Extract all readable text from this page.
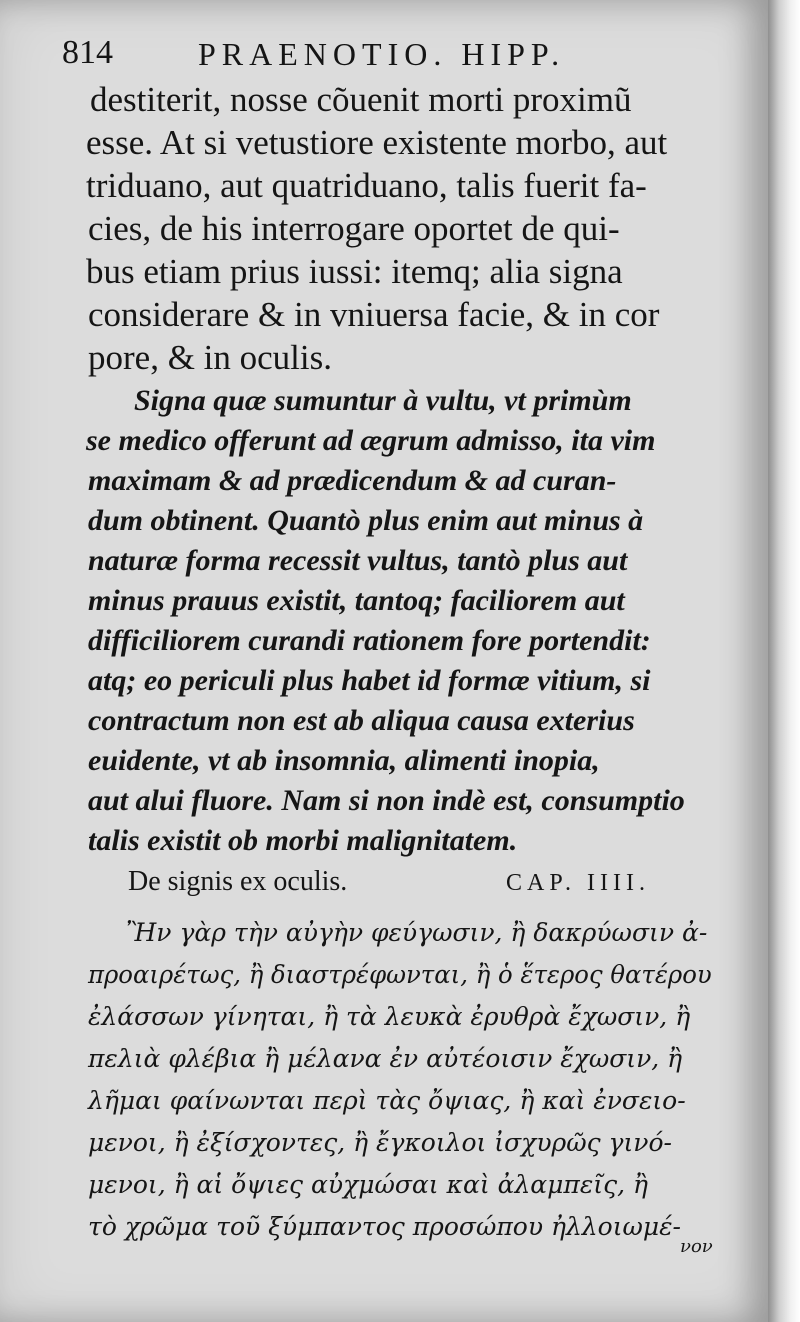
814	PRAENOTIO. HIPP.
destiterit, nosse cõuenit morti proximũ
esse. At si vetustiore existente morbo, aut
triduano, aut quatriduano, talis fuerit fa-
cies, de his interrogare oportet de qui-
bus etiam prius iussi: itemq; alia signa
considerare & in vniuersa facie, & in cor
pore, & in oculis.
Signa quæ sumuntur à vultu, vt primùm
se medico offerunt ad ægrum admisso, ita vim
maximam & ad prædicendum & ad curan-
dum obtinent. Quantò plus enim aut minus à
naturæ forma recessit vultus, tantò plus aut
minus prauus existit, tantoq; faciliorem aut
difficiliorem curandi rationem fore portendit:
atq; eo periculi plus habet id formæ vitium, si
contractum non est ab aliqua causa exterius
euidente, vt ab insomnia, alimenti inopia,
aut alui fluore. Nam si non indè est, consumptio
talis existit ob morbi malignitatem.
De signis ex oculis.	CAP. IIII.
Ἢν γὰρ τὴν αὐγὴν φεύγωσιν, ἢ δακρύωσιν ἀ-
προαιρέτως, ἢ διαστρέφωνται, ἢ ὁ ἕτερος θατέρου
ἐλάσσων γίνηται, ἢ τὰ λευκὰ ἐρυθρὰ ἔχωσιν, ἢ
πελιὰ φλέβια ἢ μέλανα ἐν αὐτέοισιν ἔχωσιν, ἢ
λῆμαι φαίνωνται περὶ τὰς ὄψιας, ἢ καὶ ἐνσειο-
μενοι, ἢ ἐξίσχοντες, ἢ ἔγκοιλοι ἰσχυρῶς γινό-
μενοι, ἢ αἱ ὄψιες αὐχμώσαι καὶ ἀλαμπεῖς, ἢ
τὸ χρῶμα τοῦ ξύμπαντος προσώπου ἠλλοιωμέ-
νον
